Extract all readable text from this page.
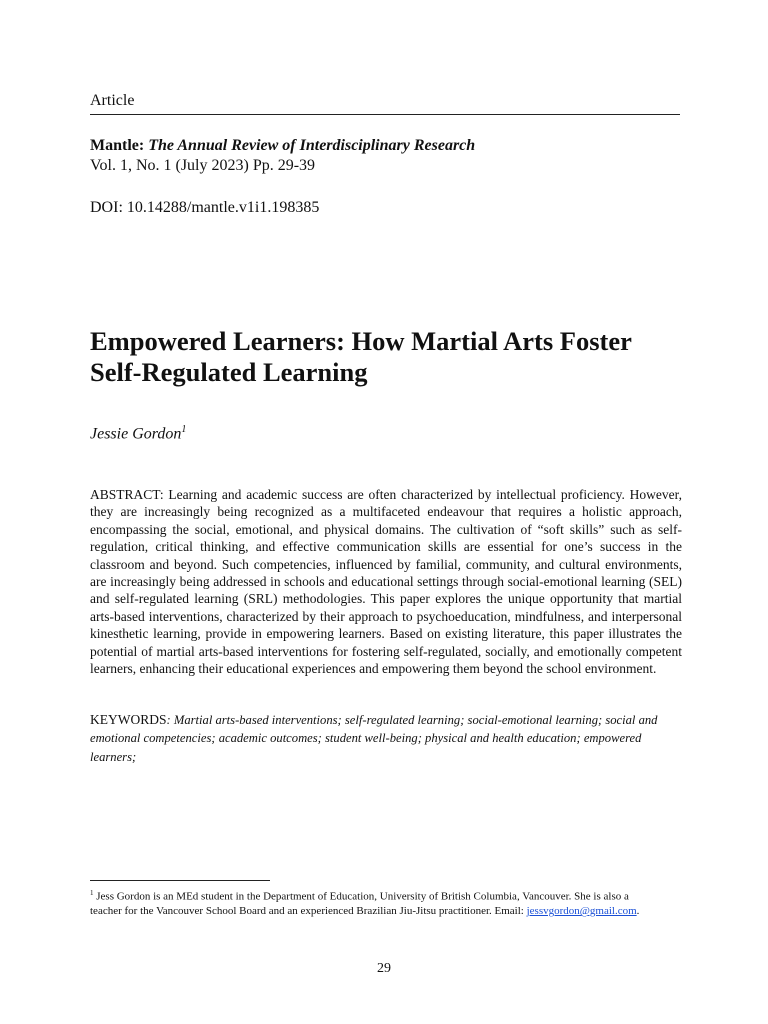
Article
Mantle: The Annual Review of Interdisciplinary Research
Vol. 1, No. 1 (July 2023) Pp. 29-39
DOI: 10.14288/mantle.v1i1.198385
Empowered Learners: How Martial Arts Foster
Self-Regulated Learning
Jessie Gordon$^1$

ABSTRACT: Learning and academic success are often characterized by intellectual proficiency. However, they are increasingly being recognized as a multifaceted endeavour that requires a holistic approach, encompassing the social, emotional, and physical domains. The cultivation of “soft skills” such as self-regulation, critical thinking, and effective communication skills are essential for one’s success in the classroom and beyond. Such competencies, influenced by familial, community, and cultural environments, are increasingly being addressed in schools and educational settings through social-emotional learning (SEL) and self-regulated learning (SRL) methodologies. This paper explores the unique opportunity that martial arts-based interventions, characterized by their approach to psychoeducation, mindfulness, and interpersonal kinesthetic learning, provide in empowering learners. Based on existing literature, this paper illustrates the potential of martial arts-based interventions for fostering self-regulated, socially, and emotionally competent learners, enhancing their educational experiences and empowering them beyond the school environment.

KEYWORDS: Martial arts-based interventions; self-regulated learning; social-emotional learning; social and emotional competencies; academic outcomes; student well-being; physical and health education; empowered learners;

$^1$ Jess Gordon is an MEd student in the Department of Education, University of British Columbia, Vancouver. She is also a teacher for the Vancouver School Board and an experienced Brazilian Jiu-Jitsu practitioner. Email: jessvgordon@gmail.com.

29
